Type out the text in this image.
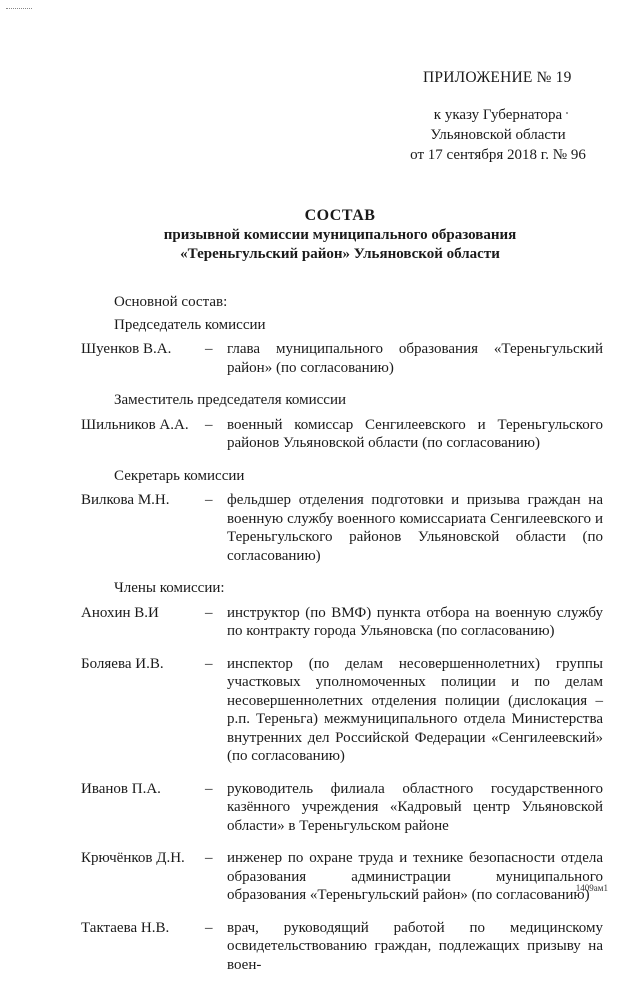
ПРИЛОЖЕНИЕ № 19
к указу Губернатора
Ульяновской области
от 17 сентября 2018 г. № 96
СОСТАВ
призывной комиссии муниципального образования
«Тереньгульский район» Ульяновской области
Основной состав:
Председатель комиссии
Шуенков В.А.	– глава муниципального образования «Тереньгульский район» (по согласованию)
Заместитель председателя комиссии
Шильников А.А.	– военный комиссар Сенгилеевского и Тереньгульского районов Ульяновской области (по согласованию)
Секретарь комиссии
Вилкова М.Н.	– фельдшер отделения подготовки и призыва граждан на военную службу военного комиссариата Сенгилеевского и Тереньгульского районов Ульяновской области (по согласованию)
Члены комиссии:
Анохин В.И	– инструктор (по ВМФ) пункта отбора на военную службу по контракту города Ульяновска (по согласованию)
Боляева И.В.	– инспектор (по делам несовершеннолетних) группы участковых уполномоченных полиции и по делам несовершеннолетних отделения полиции (дислокация – р.п. Тереньга) межмуниципального отдела Министерства внутренних дел Российской Федерации «Сенгилеевский» (по согласованию)
Иванов П.А.	– руководитель филиала областного государственного казённого учреждения «Кадровый центр Ульяновской области» в Тереньгульском районе
Крючёнков Д.Н.	– инженер по охране труда и технике безопасности отдела образования администрации муниципального образования «Тереньгульский район» (по согласованию)
Тактаева Н.В.	– врач, руководящий работой по медицинскому освидетельствованию граждан, подлежащих призыву на воен-
1409ам1
